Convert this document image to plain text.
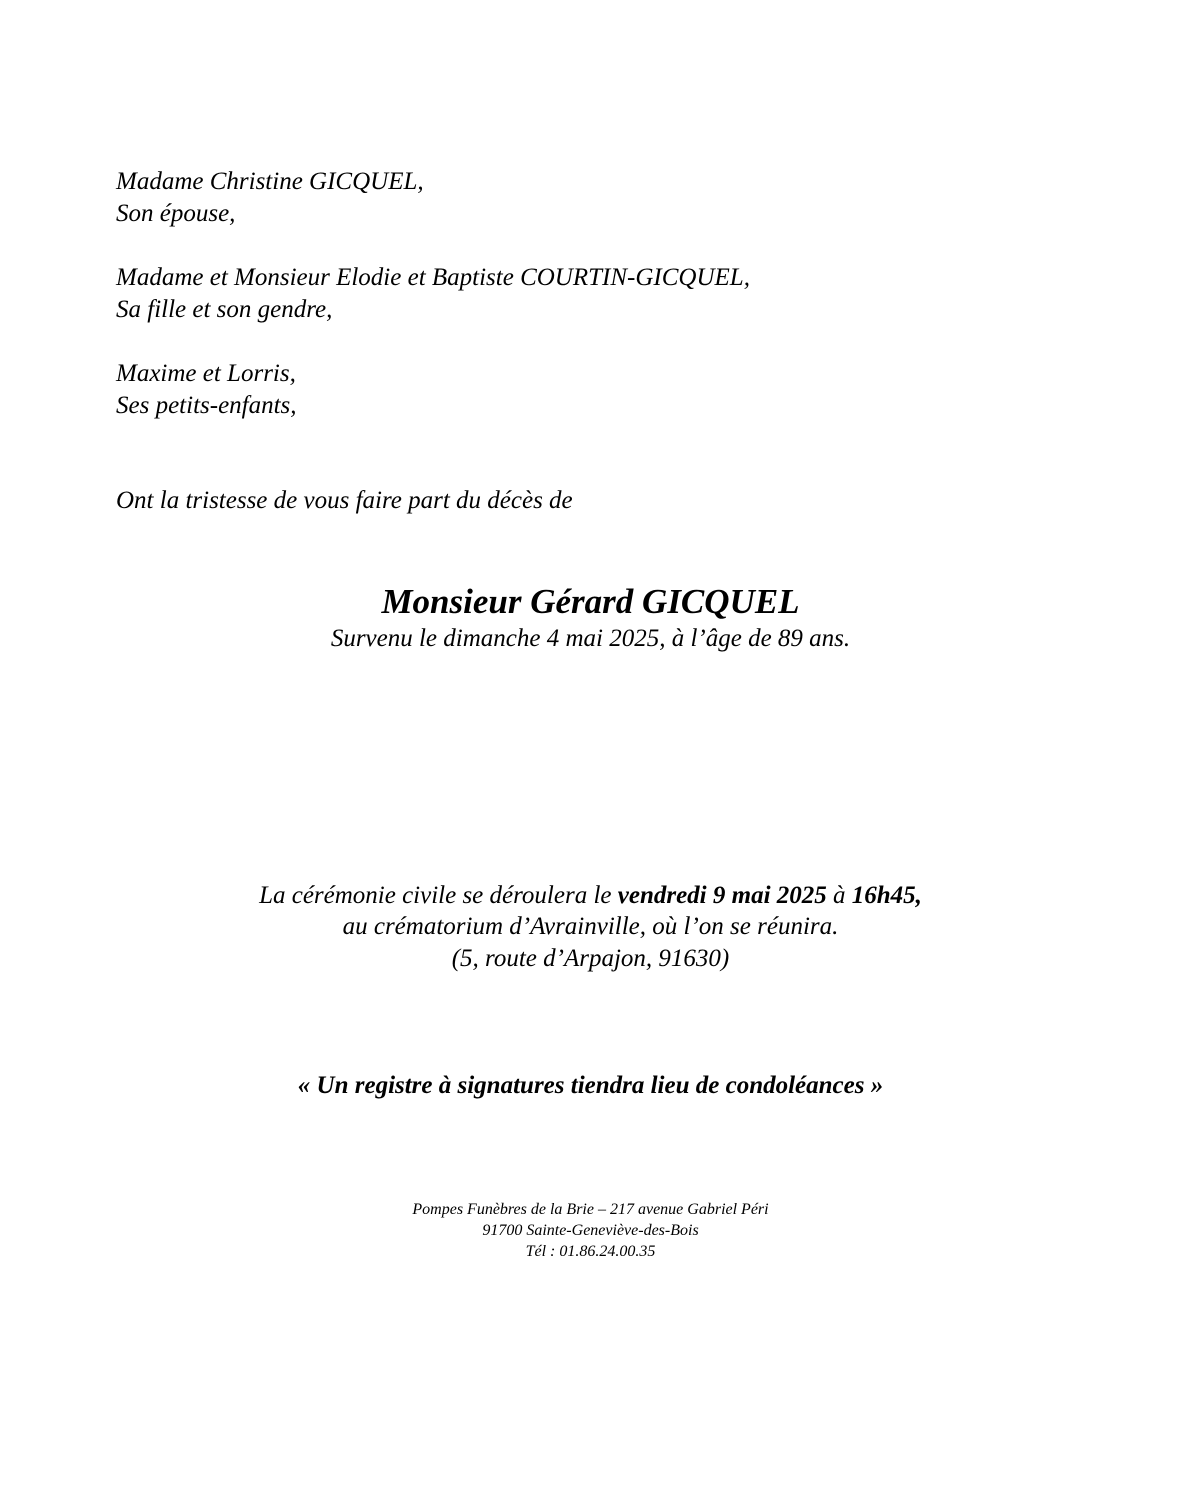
Madame Christine GICQUEL,
Son épouse,
Madame et Monsieur Elodie et Baptiste COURTIN-GICQUEL,
Sa fille et son gendre,
Maxime et Lorris,
Ses petits-enfants,
Ont la tristesse de vous faire part du décès de
Monsieur Gérard GICQUEL
Survenu le dimanche 4 mai 2025, à l’âge de 89 ans.
La cérémonie civile se déroulera le vendredi 9 mai 2025 à 16h45,
au crématorium d’Avrainville, où l’on se réunira.
(5, route d’Arpajon, 91630)
« Un registre à signatures tiendra lieu de condoléances »
Pompes Funèbres de la Brie – 217 avenue Gabriel Péri
91700 Sainte-Geneviève-des-Bois
Tél : 01.86.24.00.35
